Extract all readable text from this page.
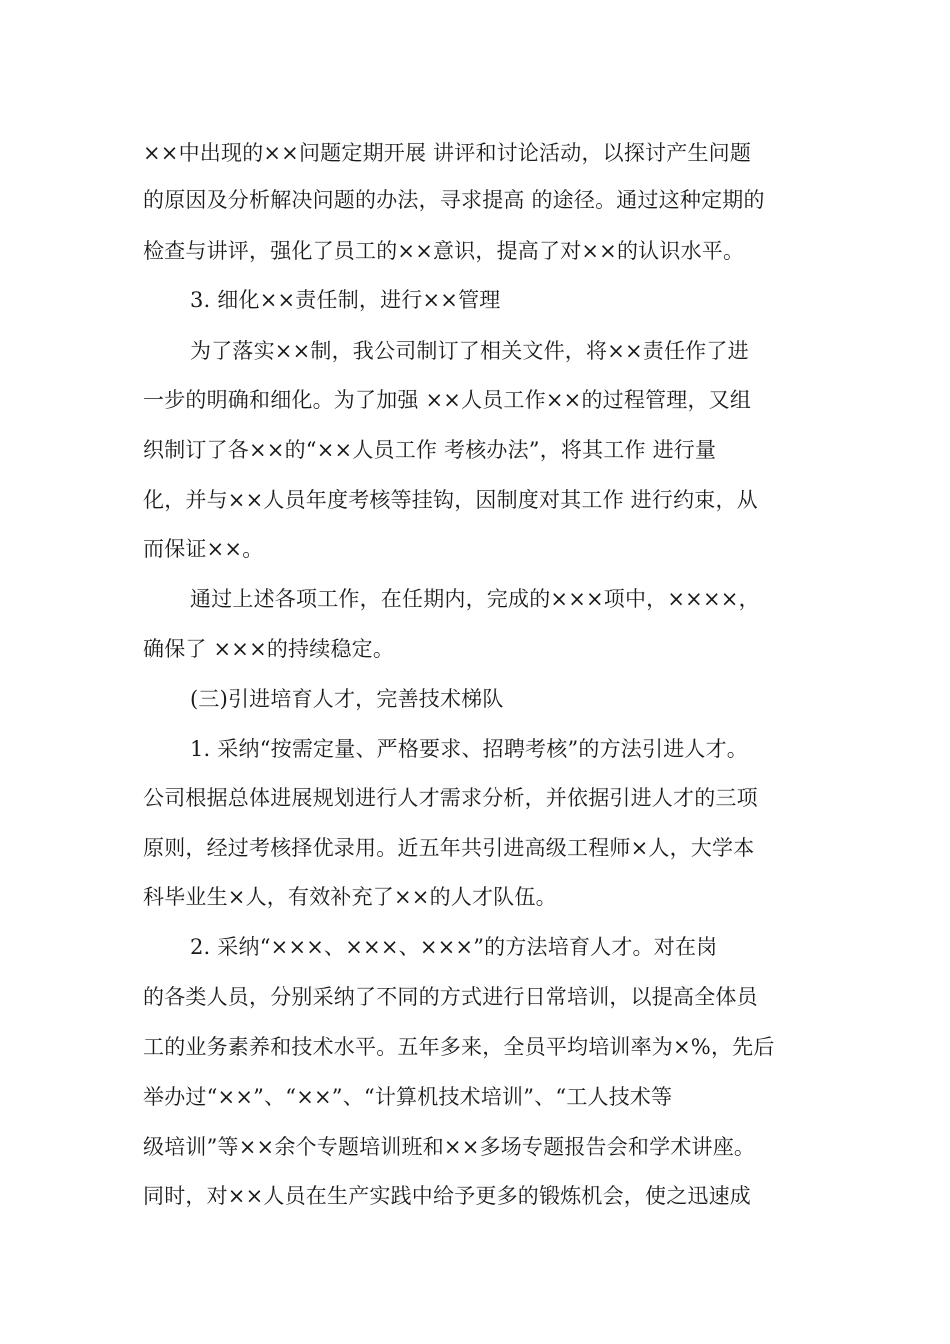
××中出现的××问题定期开展 讲评和讨论活动，以探讨产生问题
的原因及分析解决问题的办法，寻求提高 的途径。通过这种定期的
检查与讲评，强化了员工的××意识，提高了对××的认识水平。
3. 细化××责任制，进行××管理
为了落实××制，我公司制订了相关文件，将××责任作了进
一步的明确和细化。为了加强 ××人员工作××的过程管理，又组
织制订了各××的“××人员工作 考核办法”，将其工作 进行量
化，并与××人员年度考核等挂钩，因制度对其工作 进行约束，从
而保证××。
通过上述各项工作，在任期内，完成的×××项中，××××，
确保了 ×××的持续稳定。
(三)引进培育人才，完善技术梯队
1. 采纳“按需定量、严格要求、招聘考核”的方法引进人才。
公司根据总体进展规划进行人才需求分析，并依据引进人才的三项
原则，经过考核择优录用。近五年共引进高级工程师×人，大学本
科毕业生×人，有效补充了××的人才队伍。
2. 采纳“×××、×××、×××”的方法培育人才。对在岗
的各类人员，分别采纳了不同的方式进行日常培训，以提高全体员
工的业务素养和技术水平。五年多来，全员平均培训率为×%，先后
举办过“××”、“××”、“计算机技术培训”、“工人技术等
级培训”等××余个专题培训班和××多场专题报告会和学术讲座。
同时，对××人员在生产实践中给予更多的锻炼机会，使之迅速成
